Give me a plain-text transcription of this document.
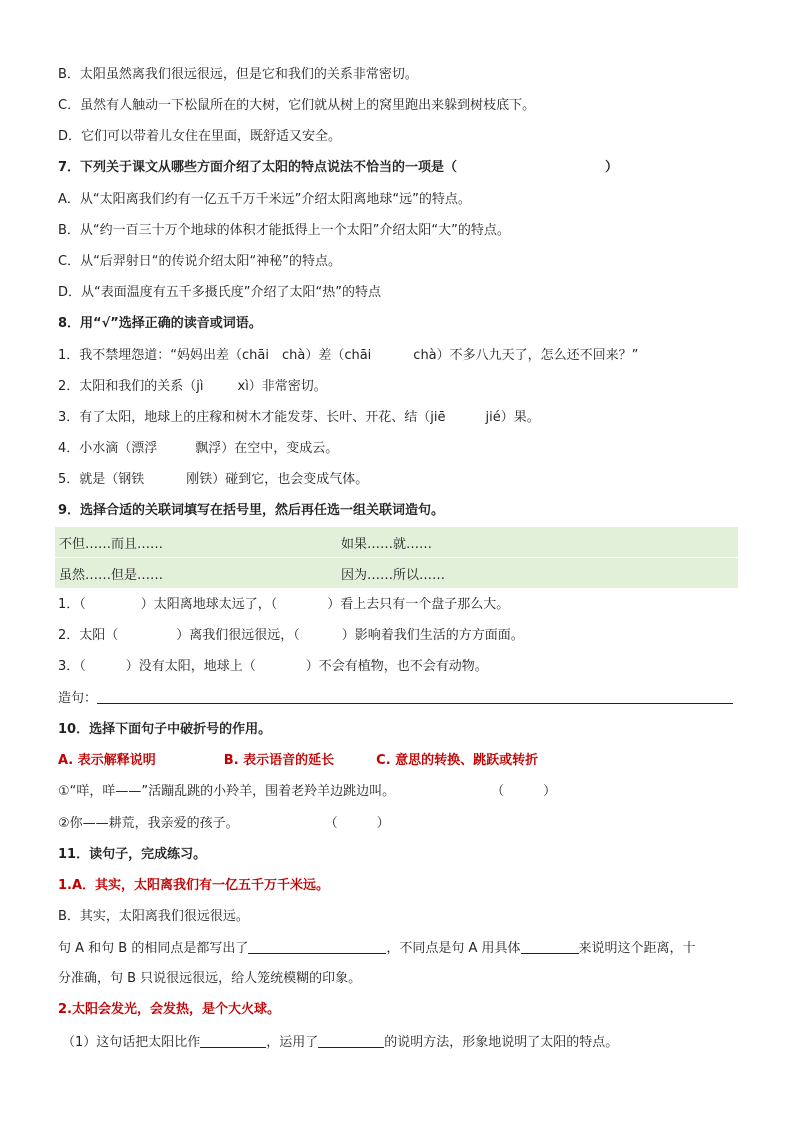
B．太阳虽然离我们很远很远，但是它和我们的关系非常密切。
C．虽然有人触动一下松鼠所在的大树，它们就从树上的窝里跑出来躲到树枝底下。
D．它们可以带着儿女住在里面，既舒适又安全。
7．下列关于课文从哪些方面介绍了太阳的特点说法不恰当的一项是（	）
A．从“太阳离我们约有一亿五千万千米远”介绍太阳离地球“远”的特点。
B．从“约一百三十万个地球的体积才能抵得上一个太阳”介绍太阳“大”的特点。
C．从“后羿射日“的传说介绍太阳“神秘”的特点。
D．从“表面温度有五千多摄氏度”介绍了太阳“热”的特点
8．用“√”选择正确的读音或词语。
1．我不禁埋怨道：“妈妈出差（chāi　chà）差（chāi	chà）不多八九天了，怎么还不回来？”
2．太阳和我们的关系（jì	xì）非常密切。
3．有了太阳，地球上的庄稼和树木才能发芽、长叶、开花、结（jiē	jié）果。
4．小水滴（漂浮	飘浮）在空中，变成云。
5．就是（钢铁	刚铁）碰到它，也会变成气体。
9．选择合适的关联词填写在括号里，然后再任选一组关联词造句。
不但……而且……	如果……就……
虽然……但是……	因为……所以……
1．（	）太阳离地球太远了，（	）看上去只有一个盘子那么大。
2．太阳（	）离我们很远很远，（	）影响着我们生活的方方面面。
3．（	）没有太阳，地球上（	）不会有植物，也不会有动物。
造句：
10．选择下面句子中破折号的作用。
A. 表示解释说明	B. 表示语音的延长	C. 意思的转换、跳跃或转折
①“咩，咩——”活蹦乱跳的小羚羊，围着老羚羊边跳边叫。	（　　　）
②你——耕荒，我亲爱的孩子。	（　　　）
11．读句子，完成练习。
1.A．其实，太阳离我们有一亿五千万千米远。
B．其实，太阳离我们很远很远。
句 A 和句 B 的相同点是都写出了	，不同点是句 A 用具体	来说明这个距离，十
分准确，句 B 只说很远很远，给人笼统模糊的印象。
2.太阳会发光，会发热，是个大火球。
（1）这句话把太阳比作	，运用了	的说明方法，形象地说明了太阳的特点。
